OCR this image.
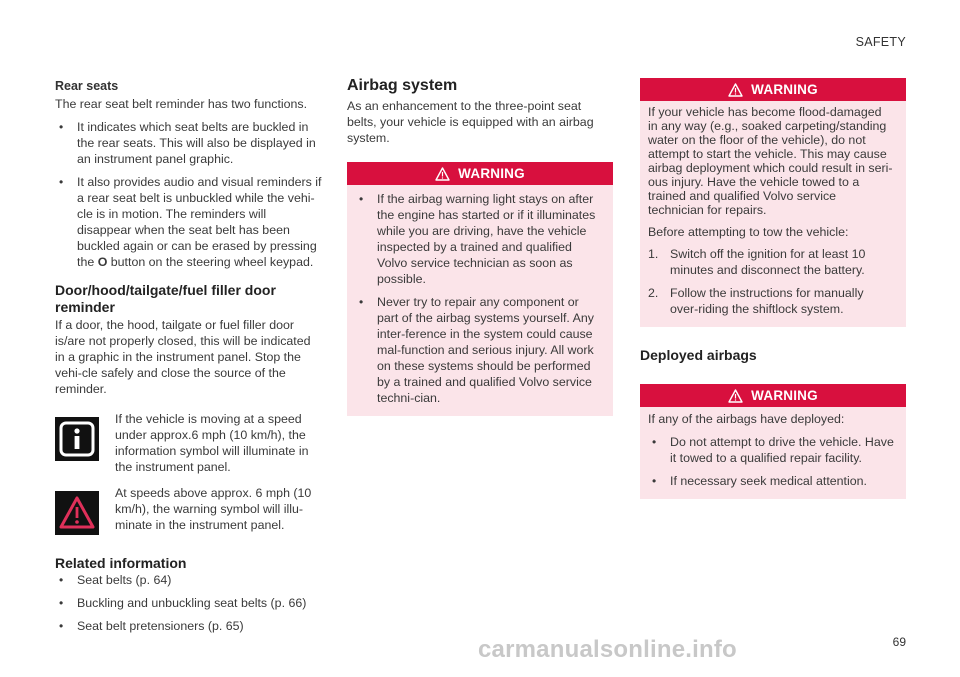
SAFETY
Rear seats

The rear seat belt reminder has two functions.

• It indicates which seat belts are buckled in the rear seats. This will also be displayed in an instrument panel graphic.
• It also provides audio and visual reminders if a rear seat belt is unbuckled while the vehi-cle is in motion. The reminders will disappear when the seat belt has been buckled again or can be erased by pressing the O button on the steering wheel keypad.
Door/hood/tailgate/fuel filler door reminder

If a door, the hood, tailgate or fuel filler door is/are not properly closed, this will be indicated in a graphic in the instrument panel. Stop the vehi-cle safely and close the source of the reminder.

If the vehicle is moving at a speed under approx.6 mph (10 km/h), the information symbol will illuminate in the instrument panel.

At speeds above approx. 6 mph (10 km/h), the warning symbol will illu-minate in the instrument panel.

Related information
• Seat belts (p. 64)
• Buckling and unbuckling seat belts (p. 66)
• Seat belt pretensioners (p. 65)
Airbag system

As an enhancement to the three-point seat belts, your vehicle is equipped with an airbag system.

WARNING
• If the airbag warning light stays on after the engine has started or if it illuminates while you are driving, have the vehicle inspected by a trained and qualified Volvo service technician as soon as possible.
• Never try to repair any component or part of the airbag systems yourself. Any inter-ference in the system could cause mal-function and serious injury. All work on these systems should be performed by a trained and qualified Volvo service techni-cian.
WARNING

If your vehicle has become flood-damaged in any way (e.g., soaked carpeting/standing water on the floor of the vehicle), do not attempt to start the vehicle. This may cause airbag deployment which could result in seri-ous injury. Have the vehicle towed to a trained and qualified Volvo service technician for repairs.

Before attempting to tow the vehicle:

1. Switch off the ignition for at least 10 minutes and disconnect the battery.
2. Follow the instructions for manually over-riding the shiftlock system.
Deployed airbags
WARNING

If any of the airbags have deployed:

• Do not attempt to drive the vehicle. Have it towed to a qualified repair facility.
• If necessary seek medical attention.
69
carmanualsonline.info
